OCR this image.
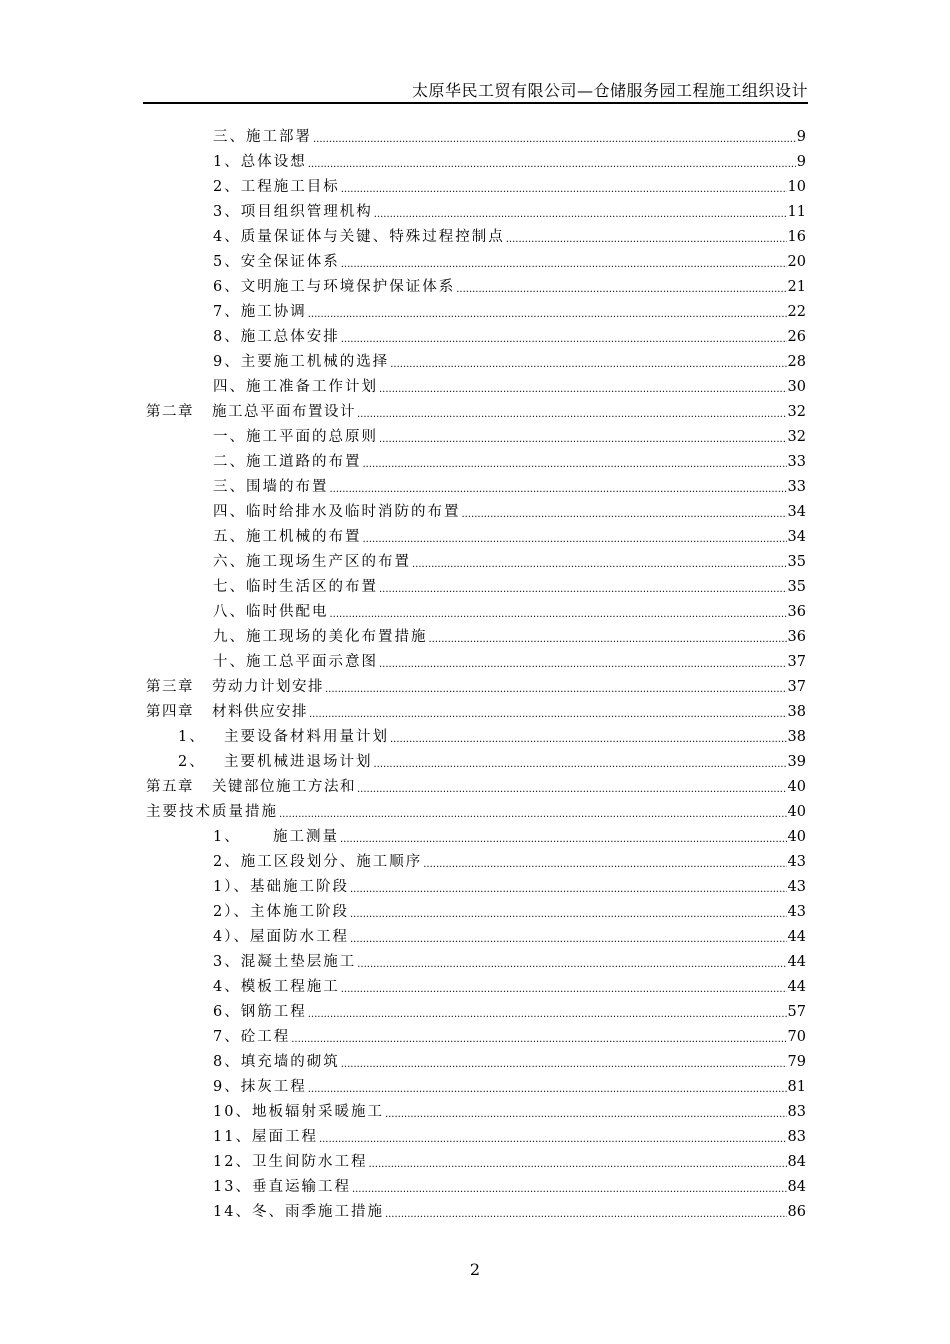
太原华民工贸有限公司—仓储服务园工程施工组织设计
三、施工部署 .....	9
1、总体设想 .....	9
2、工程施工目标 .....	10
3、项目组织管理机构 .....	11
4、质量保证体与关键、特殊过程控制点 .....	16
5、安全保证体系 .....	20
6、文明施工与环境保护保证体系 .....	21
7、施工协调 .....	22
8、施工总体安排 .....	26
9、主要施工机械的选择 .....	28
四、施工准备工作计划 .....	30
第二章 施工总平面布置设计 .....	32
一、施工平面的总原则 .....	32
二、施工道路的布置 .....	33
三、围墙的布置 .....	33
四、临时给排水及临时消防的布置 .....	34
五、施工机械的布置 .....	34
六、施工现场生产区的布置 .....	35
七、临时生活区的布置 .....	35
八、临时供配电 .....	36
九、施工现场的美化布置措施 .....	36
十、施工总平面示意图 .....	37
第三章 劳动力计划安排 .....	37
第四章 材料供应安排 .....	38
1、 主要设备材料用量计划 .....	38
2、 主要机械进退场计划 .....	39
第五章 关键部位施工方法和 .....	40
主要技术质量措施 .....	40
1、 施工测量 .....	40
2、施工区段划分、施工顺序 .....	43
1）、基础施工阶段 .....	43
2）、主体施工阶段 .....	43
4）、屋面防水工程 .....	44
3、混凝土垫层施工 .....	44
4、模板工程施工 .....	44
6、钢筋工程 .....	57
7、砼工程 .....	70
8、填充墙的砌筑 .....	79
9、抹灰工程 .....	81
10、地板辐射采暖施工 .....	83
11、屋面工程 .....	83
12、卫生间防水工程 .....	84
13、垂直运输工程 .....	84
14、冬、雨季施工措施 .....	86
2
